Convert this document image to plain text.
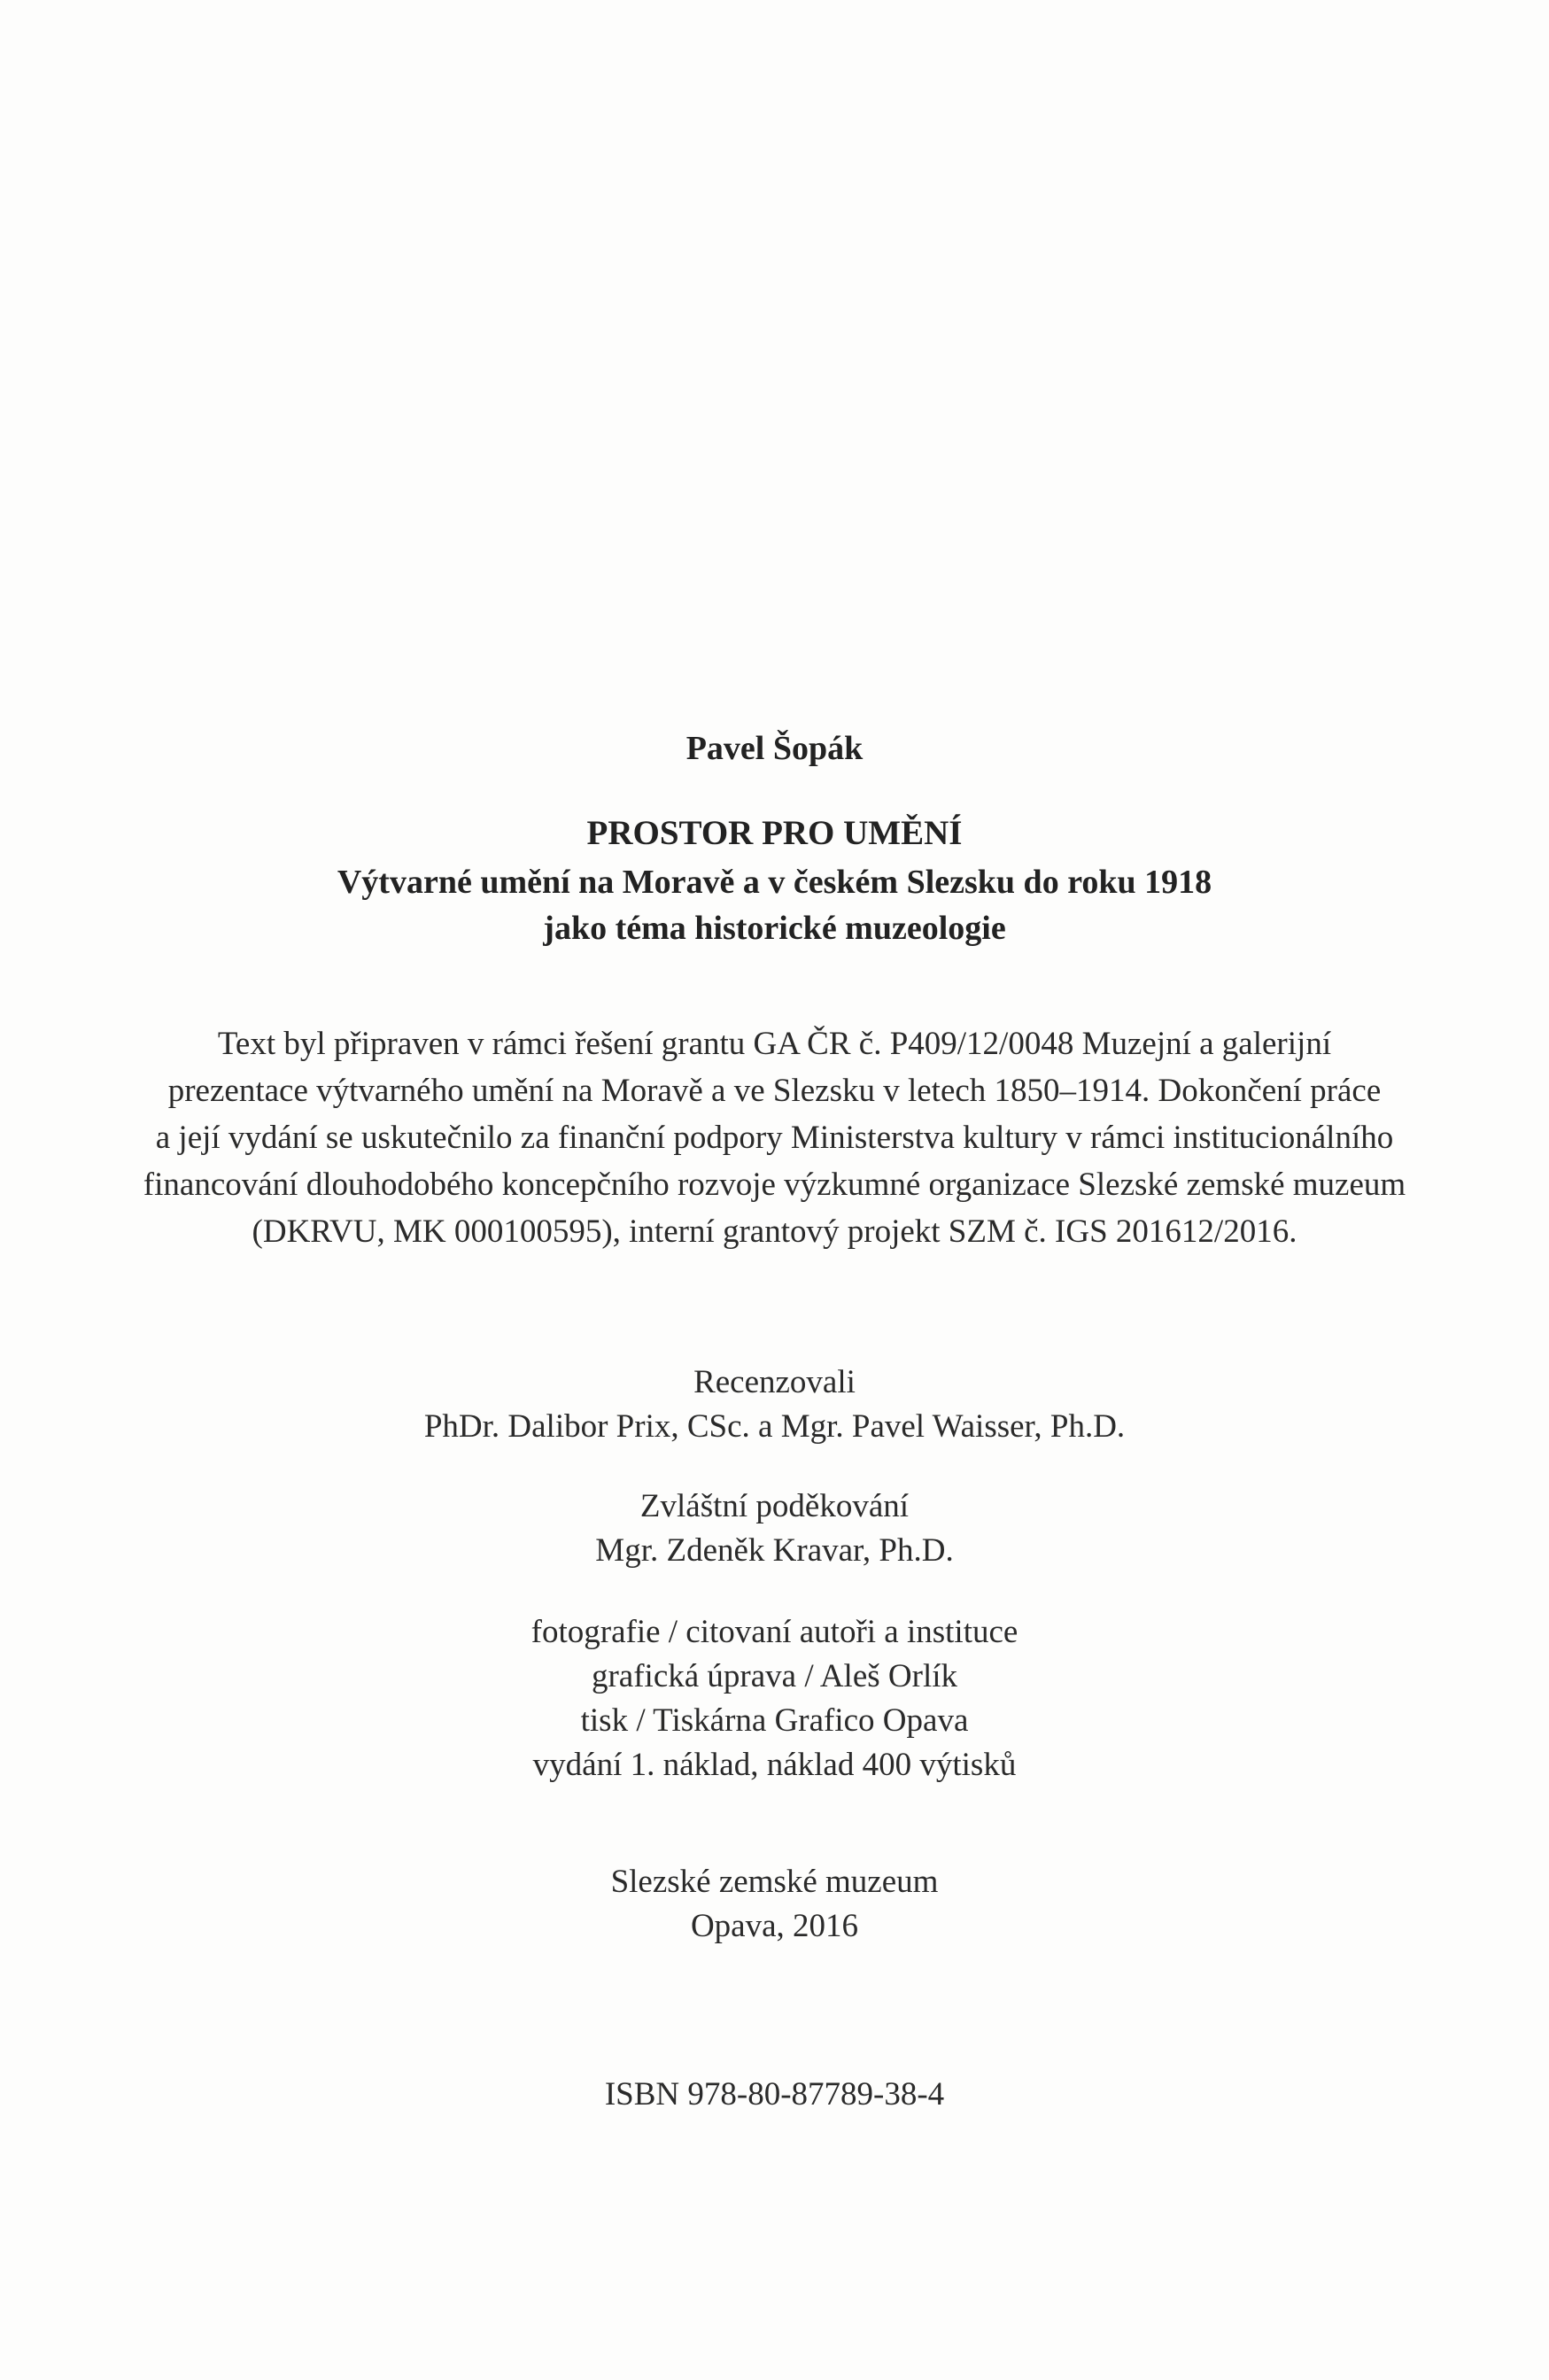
Pavel Šopák
PROSTOR PRO UMĚNÍ
Výtvarné umění na Moravě a v českém Slezsku do roku 1918
jako téma historické muzeologie
Text byl připraven v rámci řešení grantu GA ČR č. P409/12/0048 Muzejní a galerijní
prezentace výtvarného umění na Moravě a ve Slezsku v letech 1850–1914. Dokončení práce
a její vydání se uskutečnilo za finanční podpory Ministerstva kultury v rámci institucionálního
financování dlouhodobého koncepčního rozvoje výzkumné organizace Slezské zemské muzeum
(DKRVU, MK 000100595), interní grantový projekt SZM č. IGS 201612/2016.
Recenzovali
PhDr. Dalibor Prix, CSc. a Mgr. Pavel Waisser, Ph.D.
Zvláštní poděkování
Mgr. Zdeněk Kravar, Ph.D.
fotografie / citovaní autoři a instituce
grafická úprava / Aleš Orlík
tisk / Tiskárna Grafico Opava
vydání 1. náklad, náklad 400 výtisků
Slezské zemské muzeum
Opava, 2016
ISBN 978-80-87789-38-4
